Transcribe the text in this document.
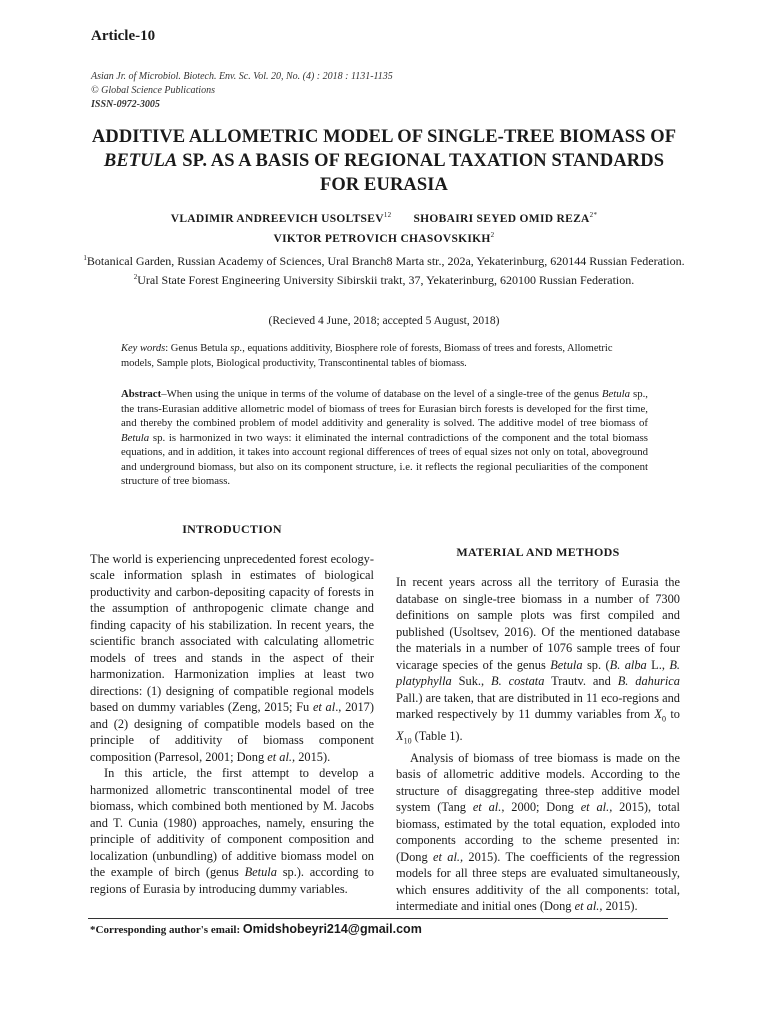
Article-10
Asian Jr. of Microbiol. Biotech. Env. Sc. Vol. 20, No. (4) : 2018 : 1131-1135
© Global Science Publications
ISSN-0972-3005
ADDITIVE ALLOMETRIC MODEL OF SINGLE-TREE BIOMASS OF
BETULA SP. AS A BASIS OF REGIONAL TAXATION STANDARDS
FOR EURASIA
VLADIMIR ANDREEVICH USOLTSEV$^{12}$ SHOBAIRI SEYED OMID $REZA^{2*}$
VIKTOR PETROVICH CHASOVSKIKH$^2$
$^1$Botanical Garden, Russian Academy of Sciences, Ural Branch8 Marta str., 202a, Yekaterinburg, 620144 Russian Federation.
$^2$Ural State Forest Engineering University Sibirskii trakt, 37, Yekaterinburg, 620100 Russian Federation.
(Recieved 4 June, 2018; accepted 5 August, 2018)
Key words: Genus Betula sp., equations additivity, Biosphere role of forests, Biomass of trees and forests, Allometric models, Sample plots, Biological productivity, Transcontinental tables of biomass.
Abstract–When using the unique in terms of the volume of database on the level of a single-tree of the genus Betula sp., the trans-Eurasian additive allometric model of biomass of trees for Eurasian birch forests is developed for the first time, and thereby the combined problem of model additivity and generality is solved. The additive model of tree biomass of Betula sp. is harmonized in two ways: it eliminated the internal contradictions of the component and the total biomass equations, and in addition, it takes into account regional differences of trees of equal sizes not only on total, aboveground and underground biomass, but also on its component structure, i.e. it reflects the regional peculiarities of the component structure of tree biomass.
INTRODUCTION

The world is experiencing unprecedented forest ecology-scale information splash in estimates of biological productivity and carbon-depositing capacity of forests in the assumption of anthropogenic climate change and finding capacity of his stabilization. In recent years, the scientific branch associated with calculating allometric models of trees and stands in the aspect of their harmonization. Harmonization implies at least two directions: (1) designing of compatible regional models based on dummy variables (Zeng, 2015; Fu et al., 2017) and (2) designing of compatible models based on the principle of additivity of biomass component composition (Parresol, 2001; Dong et al., 2015).

In this article, the first attempt to develop a harmonized allometric transcontinental model of tree biomass, which combined both mentioned by M. Jacobs and T. Cunia (1980) approaches, namely, ensuring the principle of additivity of component composition and localization (unbundling) of additive biomass model on the example of birch (genus Betula sp.). according to regions of Eurasia by introducing dummy variables.

MATERIAL AND METHODS

In recent years across all the territory of Eurasia the database on single-tree biomass in a number of 7300 definitions on sample plots was first compiled and published (Usoltsev, 2016). Of the mentioned database the materials in a number of 1076 sample trees of four vicarage species of the genus Betula sp. (B. alba L., B. platyphylla Suk., B. costata Trautv. and B. dahurica Pall.) are taken, that are distributed in 11 eco-regions and marked respectively by 11 dummy variables from $X_0$ to $X_{10}$ (Table 1).

Analysis of biomass of tree biomass is made on the basis of allometric additive models. According to the structure of disaggregating three-step additive model system (Tang et al., 2000; Dong et al., 2015), total biomass, estimated by the total equation, exploded into components according to the scheme presented in: (Dong et al., 2015). The coefficients of the regression models for all three steps are evaluated simultaneously, which ensures additivity of the all components: total, intermediate and initial ones (Dong et al., 2015).

*Corresponding author's email: Omidshobeyri214@gmail.com
